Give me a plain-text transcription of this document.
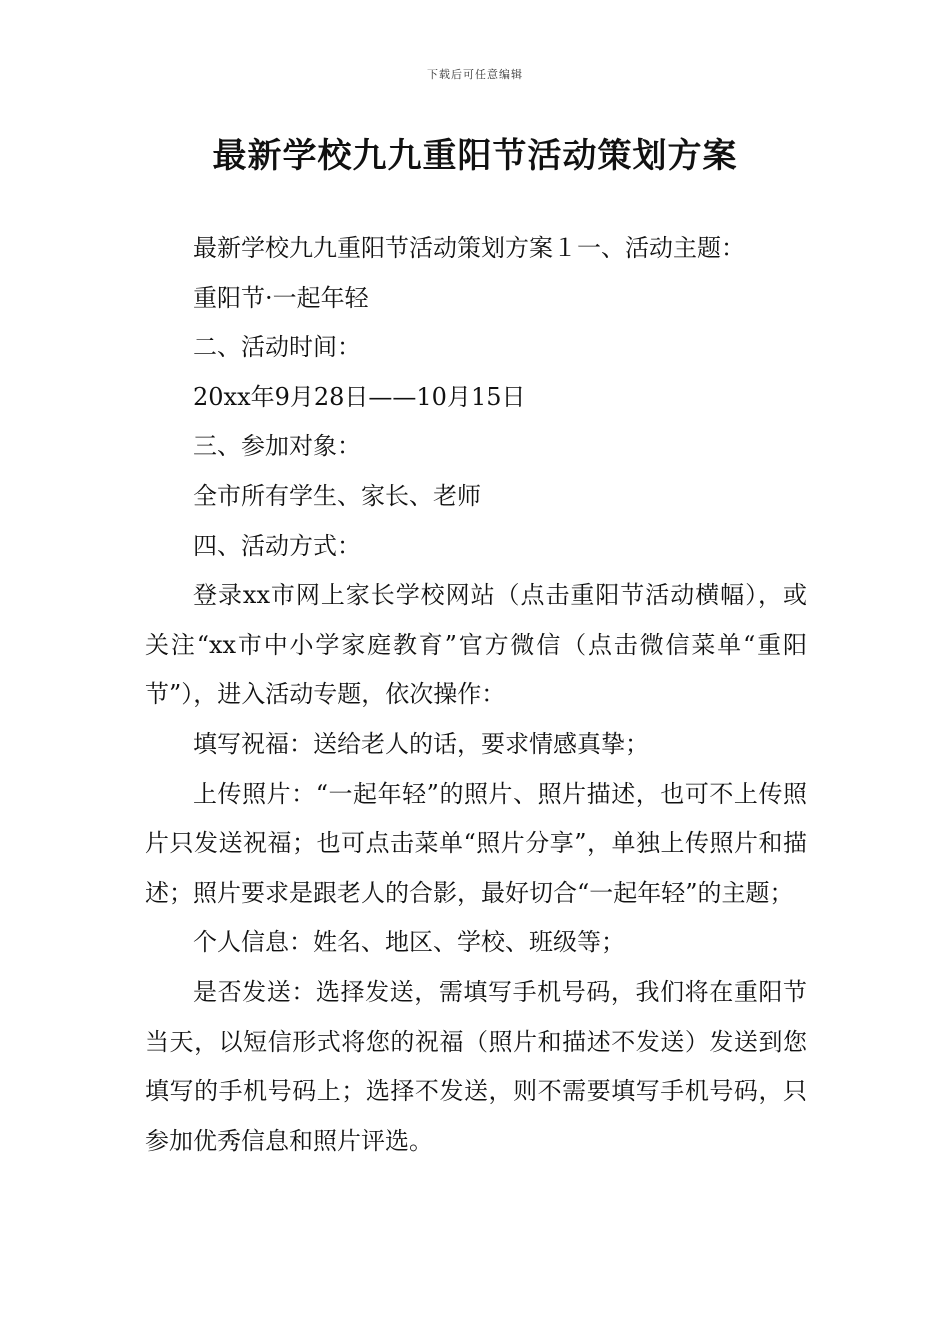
下载后可任意编辑
最新学校九九重阳节活动策划方案

最新学校九九重阳节活动策划方案１一、活动主题：

重阳节·一起年轻

二、活动时间：

20xx年9月28日——10月15日

三、参加对象：

全市所有学生、家长、老师

四、活动方式：

登录xx市网上家长学校网站（点击重阳节活动横幅），或关注“xx市中小学家庭教育”官方微信（点击微信菜单“重阳节”），进入活动专题，依次操作：

填写祝福：送给老人的话，要求情感真挚；

上传照片：“一起年轻”的照片、照片描述，也可不上传照片只发送祝福；也可点击菜单“照片分享”，单独上传照片和描述；照片要求是跟老人的合影，最好切合“一起年轻”的主题；

个人信息：姓名、地区、学校、班级等；

是否发送：选择发送，需填写手机号码，我们将在重阳节当天，以短信形式将您的祝福（照片和描述不发送）发送到您填写的手机号码上；选择不发送，则不需要填写手机号码，只参加优秀信息和照片评选。
